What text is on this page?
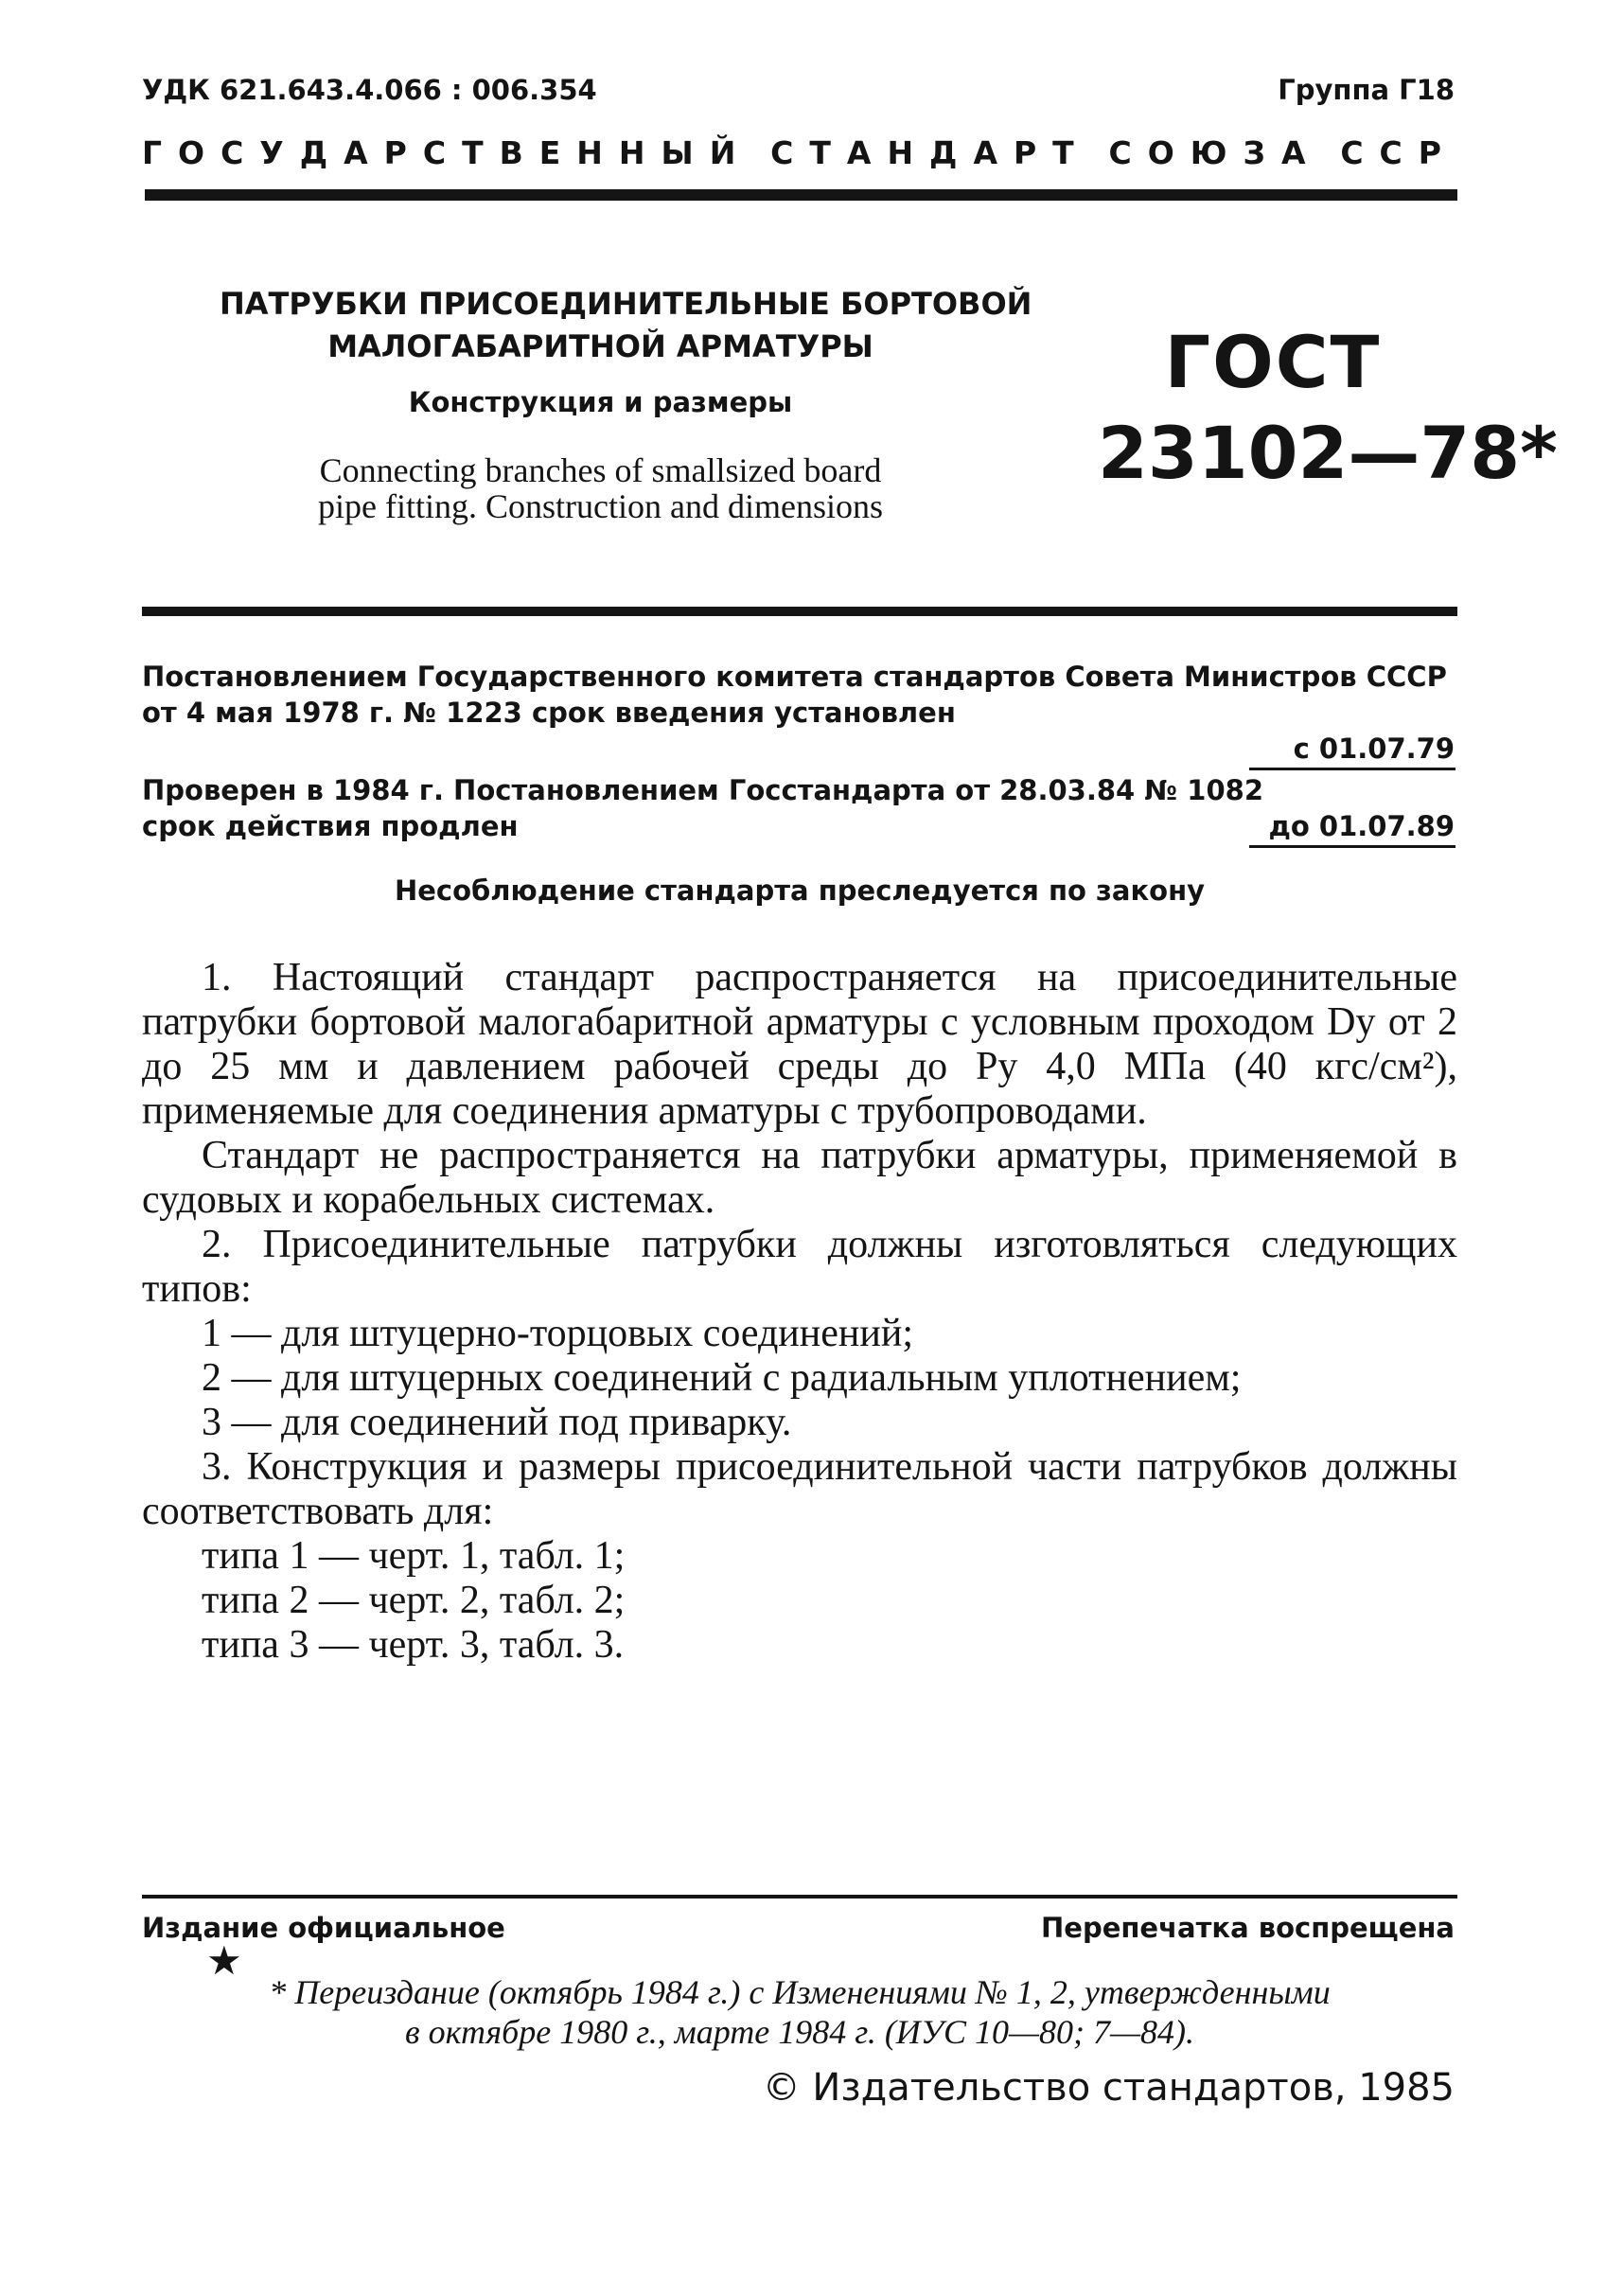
УДК 621.643.4.066 : 006.354	Группа Г18
ГОСУДАРСТВЕННЫЙ СТАНДАРТ СОЮЗА ССР
ПАТРУБКИ ПРИСОЕДИНИТЕЛЬНЫЕ БОРТОВОЙ
МАЛОГАБАРИТНОЙ АРМАТУРЫ
Конструкция и размеры
Connecting branches of smallsized board
pipe fitting. Construction and dimensions
ГОСТ
23102—78*
Постановлением Государственного комитета стандартов Совета Министров СССР
от 4 мая 1978 г. № 1223 срок введения установлен
с 01.07.79
Проверен в 1984 г. Постановлением Госстандарта от 28.03.84 № 1082
срок действия продлен	до 01.07.89
Несоблюдение стандарта преследуется по закону

1. Настоящий стандарт распространяется на присоединительные патрубки бортовой малогабаритной арматуры с условным проходом Dу от 2 до 25 мм и давлением рабочей среды до Ру 4,0 МПа (40 кгс/см²), применяемые для соединения арматуры с трубопроводами.

Стандарт не распространяется на патрубки арматуры, применяемой в судовых и корабельных системах.

2. Присоединительные патрубки должны изготовляться следующих типов:

1 — для штуцерно-торцовых соединений;

2 — для штуцерных соединений с радиальным уплотнением;

3 — для соединений под приварку.

3. Конструкция и размеры присоединительной части патрубков должны соответствовать для:

типа 1 — черт. 1, табл. 1;

типа 2 — черт. 2, табл. 2;

типа 3 — черт. 3, табл. 3.

Издание официальное	Перепечатка воспрещена
★
* Переиздание (октябрь 1984 г.) с Изменениями № 1, 2, утвержденными
в октябре 1980 г., марте 1984 г. (ИУС 10—80; 7—84).
© Издательство стандартов, 1985
